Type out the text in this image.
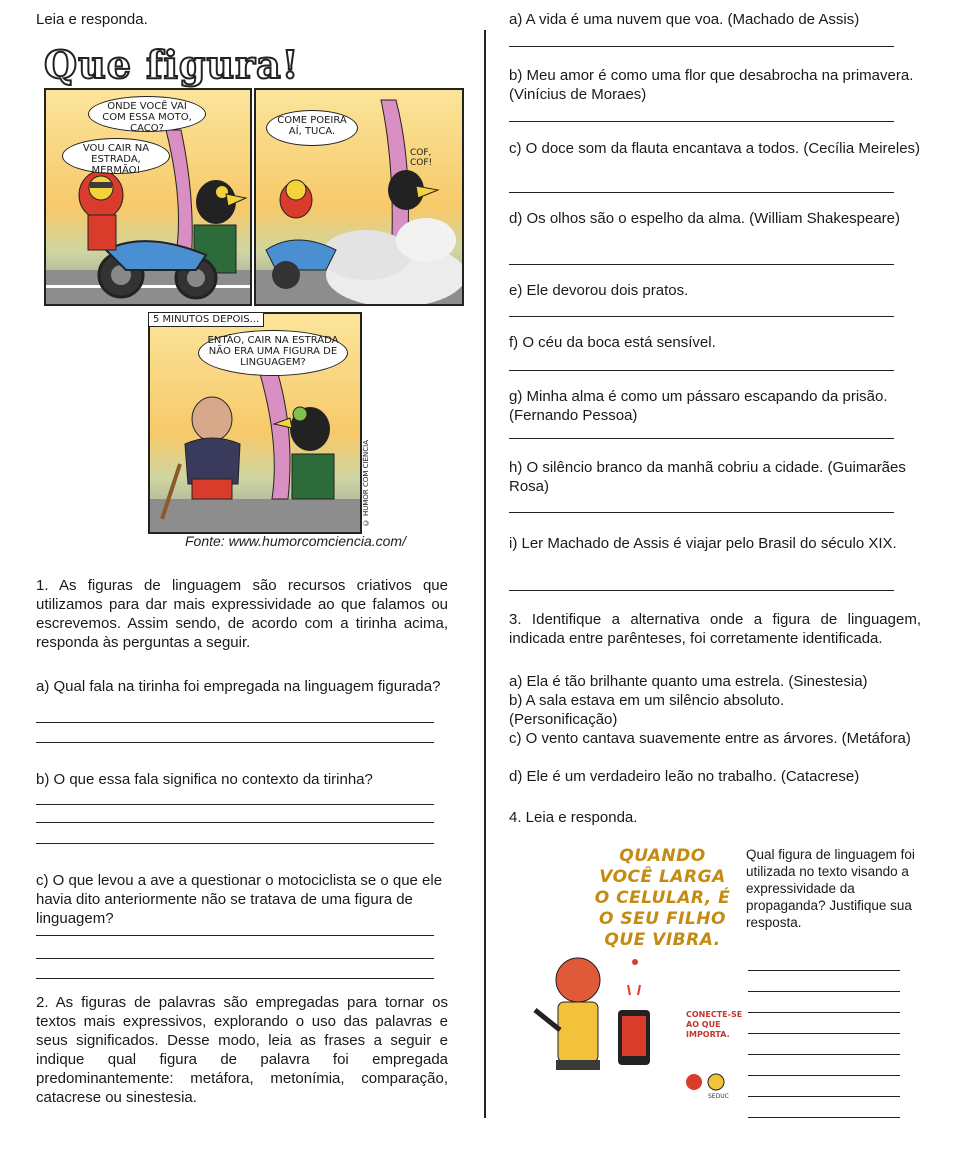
Leia e responda.
Que figura!
ONDE VOCÊ VAI COM ESSA MOTO, CACO?
VOU CAIR NA ESTRADA, MERMÃO!
COME POEIRA AÍ, TUCA.
COF, COF!
5 MINUTOS DEPOIS...
ENTÃO, CAIR NA ESTRADA NÃO ERA UMA FIGURA DE LINGUAGEM?
© HUMOR COM CIÊNCIA
Fonte: www.humorcomciencia.com/
1. As figuras de linguagem são recursos criativos que utilizamos para dar mais expressividade ao que falamos ou escrevemos. Assim sendo, de acordo com a tirinha acima, responda às perguntas a seguir.
a) Qual fala na tirinha foi empregada na linguagem figurada?
b) O que essa fala significa no contexto da tirinha?
c) O que levou a ave a questionar o motociclista se o que ele havia dito anteriormente não se tratava de uma figura de linguagem?
2. As figuras de palavras são empregadas para tornar os textos mais expressivos, explorando o uso das palavras e seus significados. Desse modo, leia as frases a seguir e indique qual figura de palavra foi empregada predominantemente: metáfora, metonímia, comparação, catacrese ou sinestesia.
a) A vida é uma nuvem que voa. (Machado de Assis)
b) Meu amor é como uma flor que desabrocha na primavera. (Vinícius de Moraes)
c) O doce som da flauta encantava a todos. (Cecília Meireles)
d) Os olhos são o espelho da alma. (William Shakespeare)
e) Ele devorou dois pratos.
f) O céu da boca está sensível.
g) Minha alma é como um pássaro escapando da prisão. (Fernando Pessoa)
h) O silêncio branco da manhã cobriu a cidade. (Guimarães Rosa)
i) Ler Machado de Assis é viajar pelo Brasil do século XIX.
3. Identifique a alternativa onde a figura de linguagem, indicada entre parênteses, foi corretamente identificada.
a) Ela é tão brilhante quanto uma estrela. (Sinestesia)
b) A sala estava em um silêncio absoluto. (Personificação)
c) O vento cantava suavemente entre as árvores. (Metáfora)
d) Ele é um verdadeiro leão no trabalho. (Catacrese)
4. Leia e responda.
QUANDO
VOCÊ LARGA
O CELULAR, É
O SEU FILHO
QUE VIBRA.
CONECTE-SE AO QUE IMPORTA.
SEDUC
Qual figura de linguagem foi utilizada no texto visando a expressividade da propaganda? Justifique sua resposta.
